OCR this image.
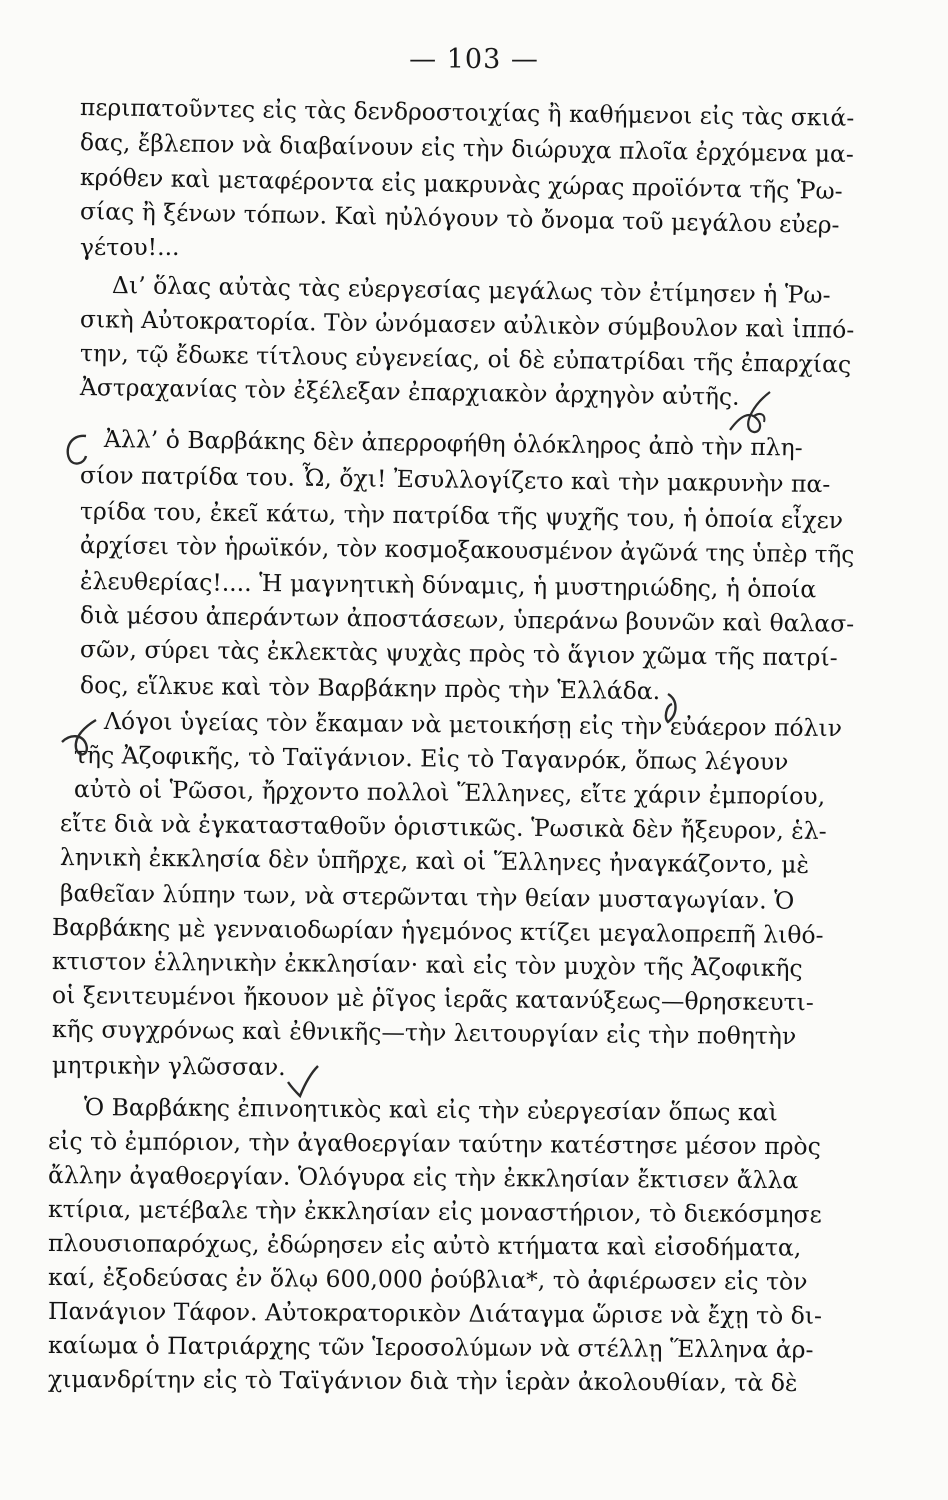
— 103 —
περιπατοῦντες εἰς τὰς δενδροστοιχίας ἢ καθήμενοι εἰς τὰς σκιά-
δας, ἔβλεπον νὰ διαβαίνουν εἰς τὴν διώρυχα πλοῖα ἐρχόμενα μα-
κρόθεν καὶ μεταφέροντα εἰς μακρυνὰς χώρας προϊόντα τῆς Ῥω-
σίας ἢ ξένων τόπων. Καὶ ηὐλόγουν τὸ ὄνομα τοῦ μεγάλου εὐερ-
γέτου!...
Δι’ ὅλας αὐτὰς τὰς εὐεργεσίας μεγάλως τὸν ἐτίμησεν ἡ Ῥω-
σικὴ Αὐτοκρατορία. Τὸν ὠνόμασεν αὐλικὸν σύμβουλον καὶ ἱππό-
την, τῷ ἔδωκε τίτλους εὐγενείας, οἱ δὲ εὐπατρίδαι τῆς ἐπαρχίας
Ἀστραχανίας τὸν ἐξέλεξαν ἐπαρχιακὸν ἀρχηγὸν αὐτῆς.
Ἀλλ’ ὁ Βαρβάκης δὲν ἀπερροφήθη ὁλόκληρος ἀπὸ τὴν πλη-
σίον πατρίδα του. Ὦ, ὄχι! Ἐσυλλογίζετο καὶ τὴν μακρυνὴν πα-
τρίδα του, ἐκεῖ κάτω, τὴν πατρίδα τῆς ψυχῆς του, ἡ ὁποία εἶχεν
ἀρχίσει τὸν ἡρωϊκόν, τὸν κοσμοξακουσμένον ἀγῶνά της ὑπὲρ τῆς
ἐλευθερίας!.... Ἡ μαγνητικὴ δύναμις, ἡ μυστηριώδης, ἡ ὁποία
διὰ μέσου ἀπεράντων ἀποστάσεων, ὑπεράνω βουνῶν καὶ θαλασ-
σῶν, σύρει τὰς ἐκλεκτὰς ψυχὰς πρὸς τὸ ἅγιον χῶμα τῆς πατρί-
δος, εἵλκυε καὶ τὸν Βαρβάκην πρὸς τὴν Ἑλλάδα.
Λόγοι ὑγείας τὸν ἔκαμαν νὰ μετοικήσῃ εἰς τὴν εὐάερον πόλιν
τῆς Ἀζοφικῆς, τὸ Ταϊγάνιον. Εἰς τὸ Ταγανρόκ, ὅπως λέγουν
αὐτὸ οἱ Ῥῶσοι, ἤρχοντο πολλοὶ Ἕλληνες, εἴτε χάριν ἐμπορίου,
εἴτε διὰ νὰ ἐγκατασταθοῦν ὁριστικῶς. Ῥωσικὰ δὲν ἤξευρον, ἑλ-
ληνικὴ ἐκκλησία δὲν ὑπῆρχε, καὶ οἱ Ἕλληνες ἠναγκάζοντο, μὲ
βαθεῖαν λύπην των, νὰ στερῶνται τὴν θείαν μυσταγωγίαν. Ὁ
Βαρβάκης μὲ γενναιοδωρίαν ἡγεμόνος κτίζει μεγαλοπρεπῆ λιθό-
κτιστον ἑλληνικὴν ἐκκλησίαν· καὶ εἰς τὸν μυχὸν τῆς Ἀζοφικῆς
οἱ ξενιτευμένοι ἤκουον μὲ ῥῖγος ἱερᾶς κατανύξεως—θρησκευτι-
κῆς συγχρόνως καὶ ἐθνικῆς—τὴν λειτουργίαν εἰς τὴν ποθητὴν
μητρικὴν γλῶσσαν.
Ὁ Βαρβάκης ἐπινοητικὸς καὶ εἰς τὴν εὐεργεσίαν ὅπως καὶ
εἰς τὸ ἐμπόριον, τὴν ἀγαθοεργίαν ταύτην κατέστησε μέσον πρὸς
ἄλλην ἀγαθοεργίαν. Ὁλόγυρα εἰς τὴν ἐκκλησίαν ἔκτισεν ἄλλα
κτίρια, μετέβαλε τὴν ἐκκλησίαν εἰς μοναστήριον, τὸ διεκόσμησε
πλουσιοπαρόχως, ἐδώρησεν εἰς αὐτὸ κτήματα καὶ εἰσοδήματα,
καί, ἐξοδεύσας ἐν ὅλῳ 600,000 ῥούβλια*, τὸ ἀφιέρωσεν εἰς τὸν
Πανάγιον Τάφον. Αὐτοκρατορικὸν Διάταγμα ὥρισε νὰ ἔχῃ τὸ δι-
καίωμα ὁ Πατριάρχης τῶν Ἱεροσολύμων νὰ στέλλῃ Ἕλληνα ἀρ-
χιμανδρίτην εἰς τὸ Ταϊγάνιον διὰ τὴν ἱερὰν ἀκολουθίαν, τὰ δὲ
